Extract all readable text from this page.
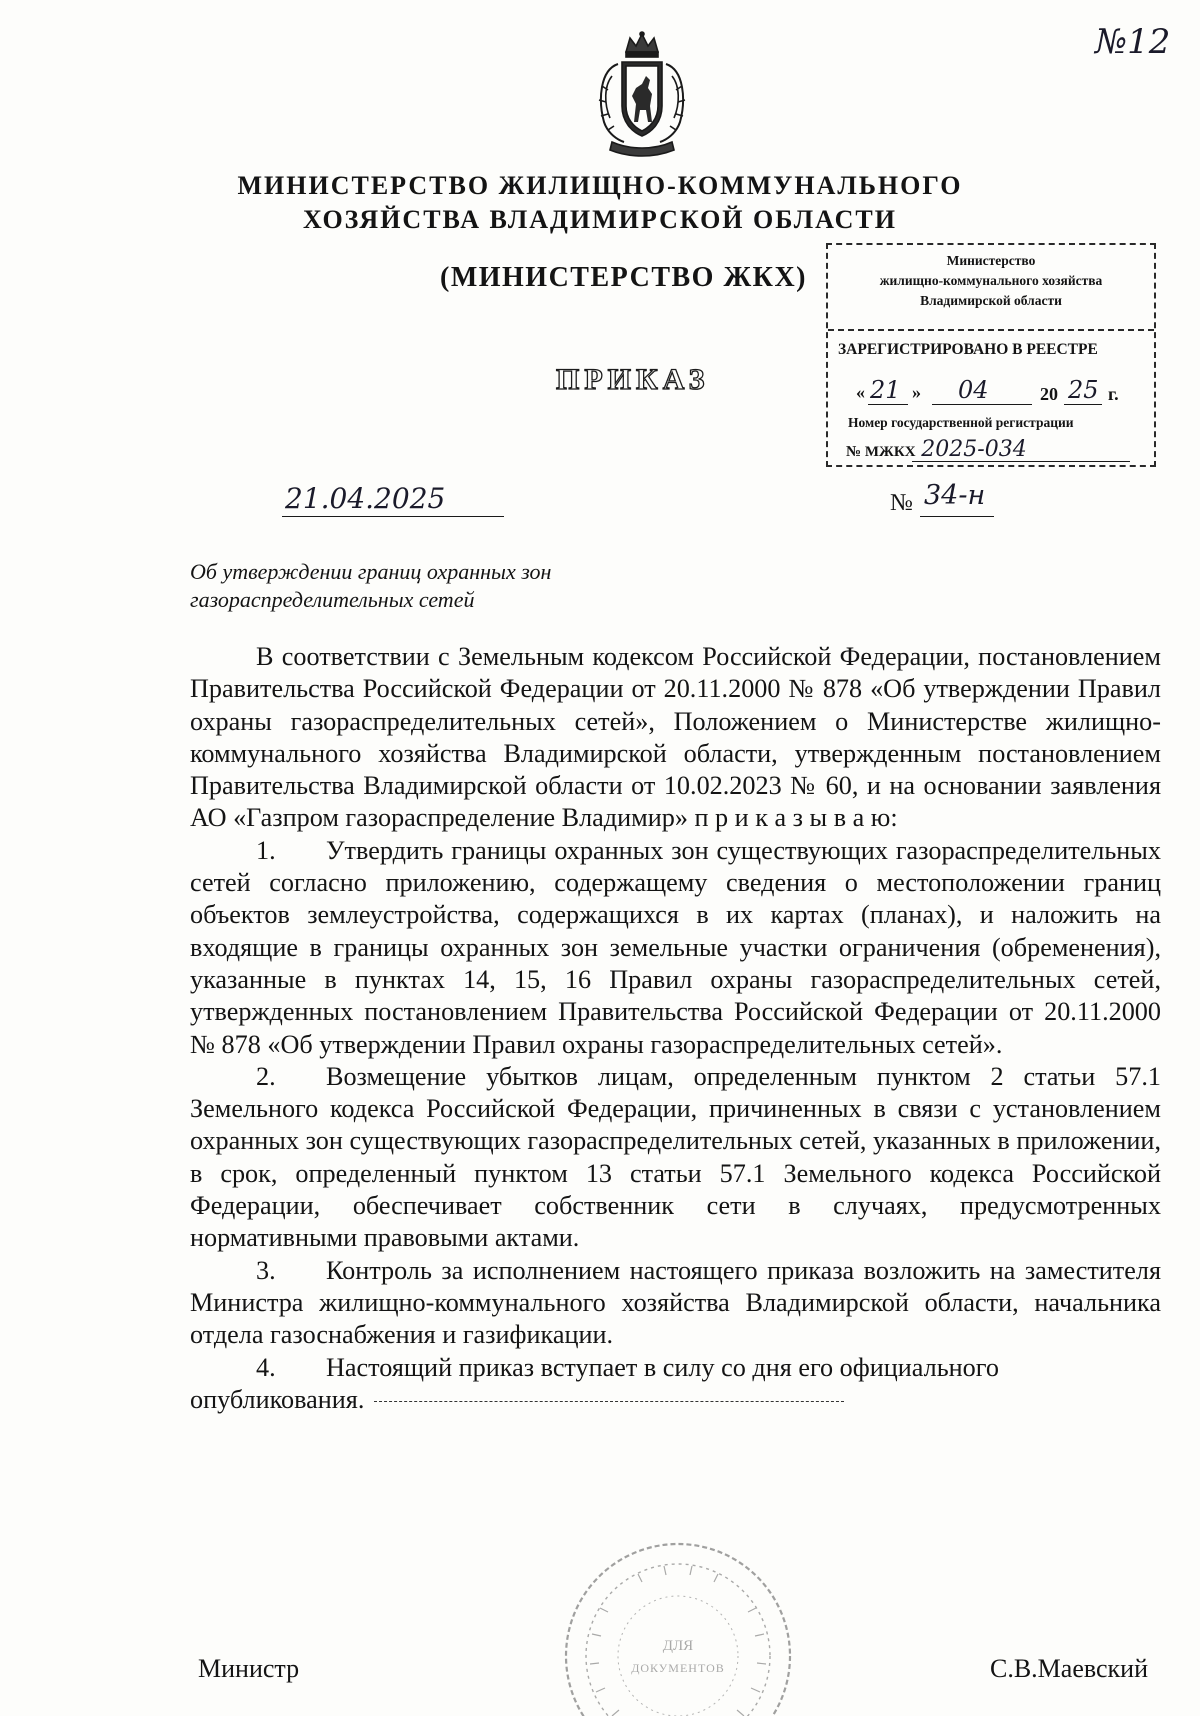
№12
МИНИСТЕРСТВО ЖИЛИЩНО-КОММУНАЛЬНОГО
ХОЗЯЙСТВА ВЛАДИМИРСКОЙ ОБЛАСТИ
(МИНИСТЕРСТВО ЖКХ)
ПРИКАЗ
Министерство
жилищно-коммунального хозяйства
Владимирской области
ЗАРЕГИСТРИРОВАНО В РЕЕСТРЕ
« 21 » 04	20 25 г.
Номер государственной регистрации
№ МЖКХ 2025-034
21.04.2025	№ 34-н
Об утверждении границ охранных зон
газораспределительных сетей

В соответствии с Земельным кодексом Российской Федерации, постановлением Правительства Российской Федерации от 20.11.2000 № 878 «Об утверждении Правил охраны газораспределительных сетей», Положением о Министерстве жилищно-коммунального хозяйства Владимирской области, утвержденным постановлением Правительства Владимирской области от 10.02.2023 № 60, и на основании заявления АО «Газпром газораспределение Владимир» п р и к а з ы в а ю:

1. Утвердить границы охранных зон существующих газораспределительных сетей согласно приложению, содержащему сведения о местоположении границ объектов землеустройства, содержащихся в их картах (планах), и наложить на входящие в границы охранных зон земельные участки ограничения (обременения), указанные в пунктах 14, 15, 16 Правил охраны газораспределительных сетей, утвержденных постановлением Правительства Российской Федерации от 20.11.2000 № 878 «Об утверждении Правил охраны газораспределительных сетей».

2. Возмещение убытков лицам, определенным пунктом 2 статьи 57.1 Земельного кодекса Российской Федерации, причиненных в связи с установлением охранных зон существующих газораспределительных сетей, указанных в приложении, в срок, определенный пунктом 13 статьи 57.1 Земельного кодекса Российской Федерации, обеспечивает собственник сети в случаях, предусмотренных нормативными правовыми актами.

3. Контроль за исполнением настоящего приказа возложить на заместителя Министра жилищно-коммунального хозяйства Владимирской области, начальника отдела газоснабжения и газификации.

4. Настоящий приказ вступает в силу со дня его официального опубликования.

ДЛЯ
ДОКУМЕНТОВ
Министр	С.В.Маевский
